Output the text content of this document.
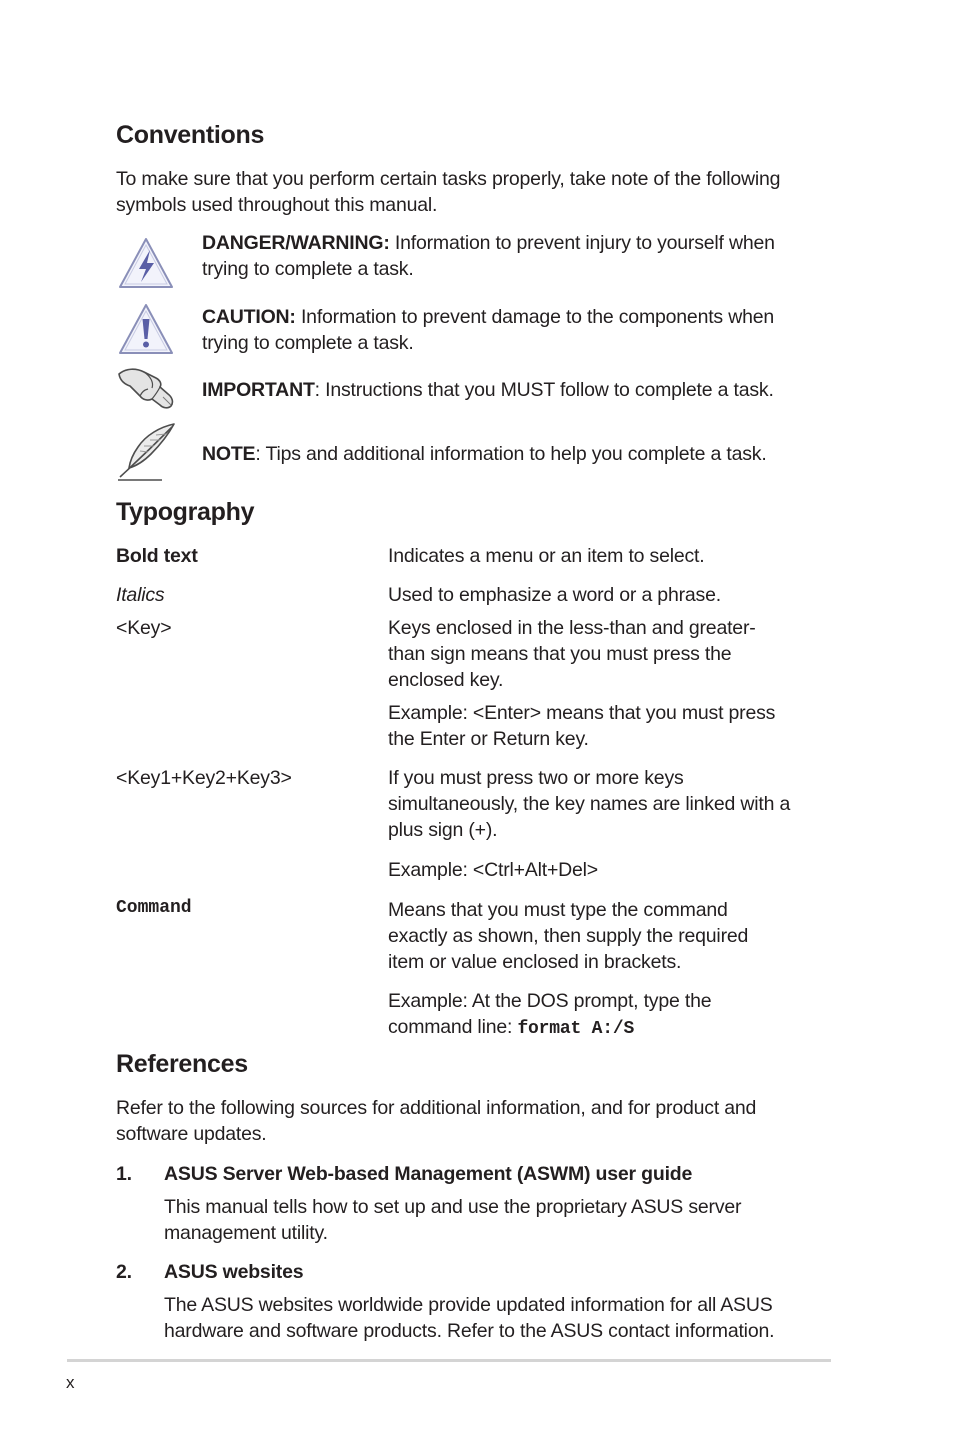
Conventions
To make sure that you perform certain tasks properly, take note of the following symbols used throughout this manual.
DANGER/WARNING: Information to prevent injury to yourself when trying to complete a task.
CAUTION: Information to prevent damage to the components when trying to complete a task.
IMPORTANT: Instructions that you MUST follow to complete a task.
NOTE: Tips and additional information to help you complete a task.
Typography
Bold text	Indicates a menu or an item to select.
Italics	Used to emphasize a word or a phrase.
<Key>	Keys enclosed in the less-than and greater-than sign means that you must press the enclosed key.
Example: <Enter> means that you must press the Enter or Return key.
<Key1+Key2+Key3>	If you must press two or more keys simultaneously, the key names are linked with a plus sign (+).
Example: <Ctrl+Alt+Del>
Command	Means that you must type the command exactly as shown, then supply the required item or value enclosed in brackets.
Example: At the DOS prompt, type the command line: format A:/S
References
Refer to the following sources for additional information, and for product and software updates.
1. ASUS Server Web-based Management (ASWM) user guide
This manual tells how to set up and use the proprietary ASUS server management utility.
2. ASUS websites
The ASUS websites worldwide provide updated information for all ASUS hardware and software products. Refer to the ASUS contact information.
x
